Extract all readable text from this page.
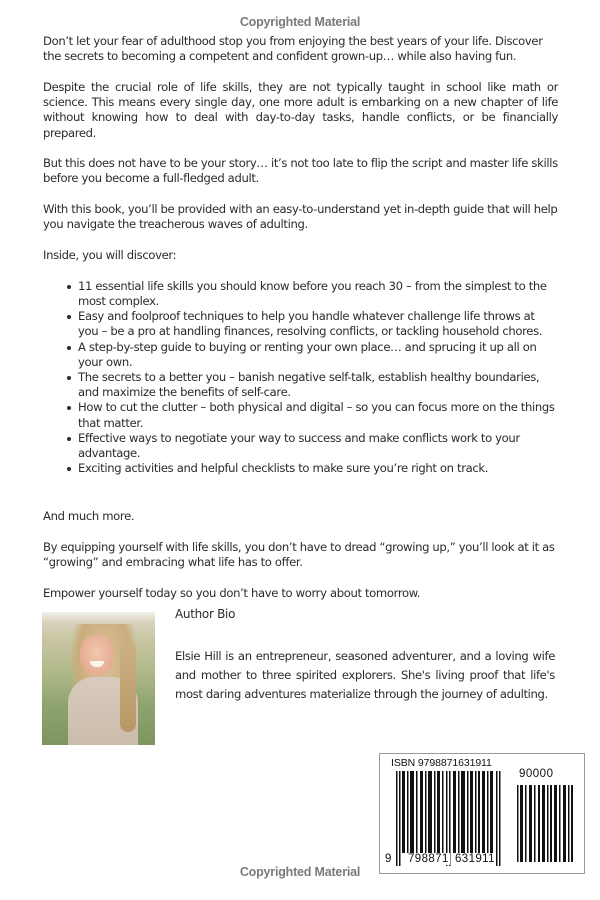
Copyrighted Material

Don’t let your fear of adulthood stop you from enjoying the best years of your life. Discover the secrets to becoming a competent and confident grown-up… while also having fun.

Despite the crucial role of life skills, they are not typically taught in school like math or science. This means every single day, one more adult is embarking on a new chapter of life without knowing how to deal with day-to-day tasks, handle conflicts, or be financially prepared.

But this does not have to be your story… it’s not too late to flip the script and master life skills before you become a full-fledged adult.

With this book, you’ll be provided with an easy-to-understand yet in-depth guide that will help you navigate the treacherous waves of adulting.

Inside, you will discover:

11 essential life skills you should know before you reach 30 – from the simplest to the most complex.
Easy and foolproof techniques to help you handle whatever challenge life throws at you – be a pro at handling finances, resolving conflicts, or tackling household chores.
A step-by-step guide to buying or renting your own place… and sprucing it up all on your own.
The secrets to a better you – banish negative self-talk, establish healthy boundaries, and maximize the benefits of self-care.
How to cut the clutter – both physical and digital – so you can focus more on the things that matter.
Effective ways to negotiate your way to success and make conflicts work to your advantage.
Exciting activities and helpful checklists to make sure you’re right on track.

And much more.

By equipping yourself with life skills, you don’t have to dread “growing up,” you’ll look at it as “growing” and embracing what life has to offer.

Empower yourself today so you don’t have to worry about tomorrow.

Author Bio
Elsie Hill is an entrepreneur, seasoned adventurer, and a loving wife and mother to three spirited explorers. She's living proof that life's most daring adventures materialize through the journey of adulting.
ISBN 9798871631911
90000
9 798871 631911
Copyrighted Material
